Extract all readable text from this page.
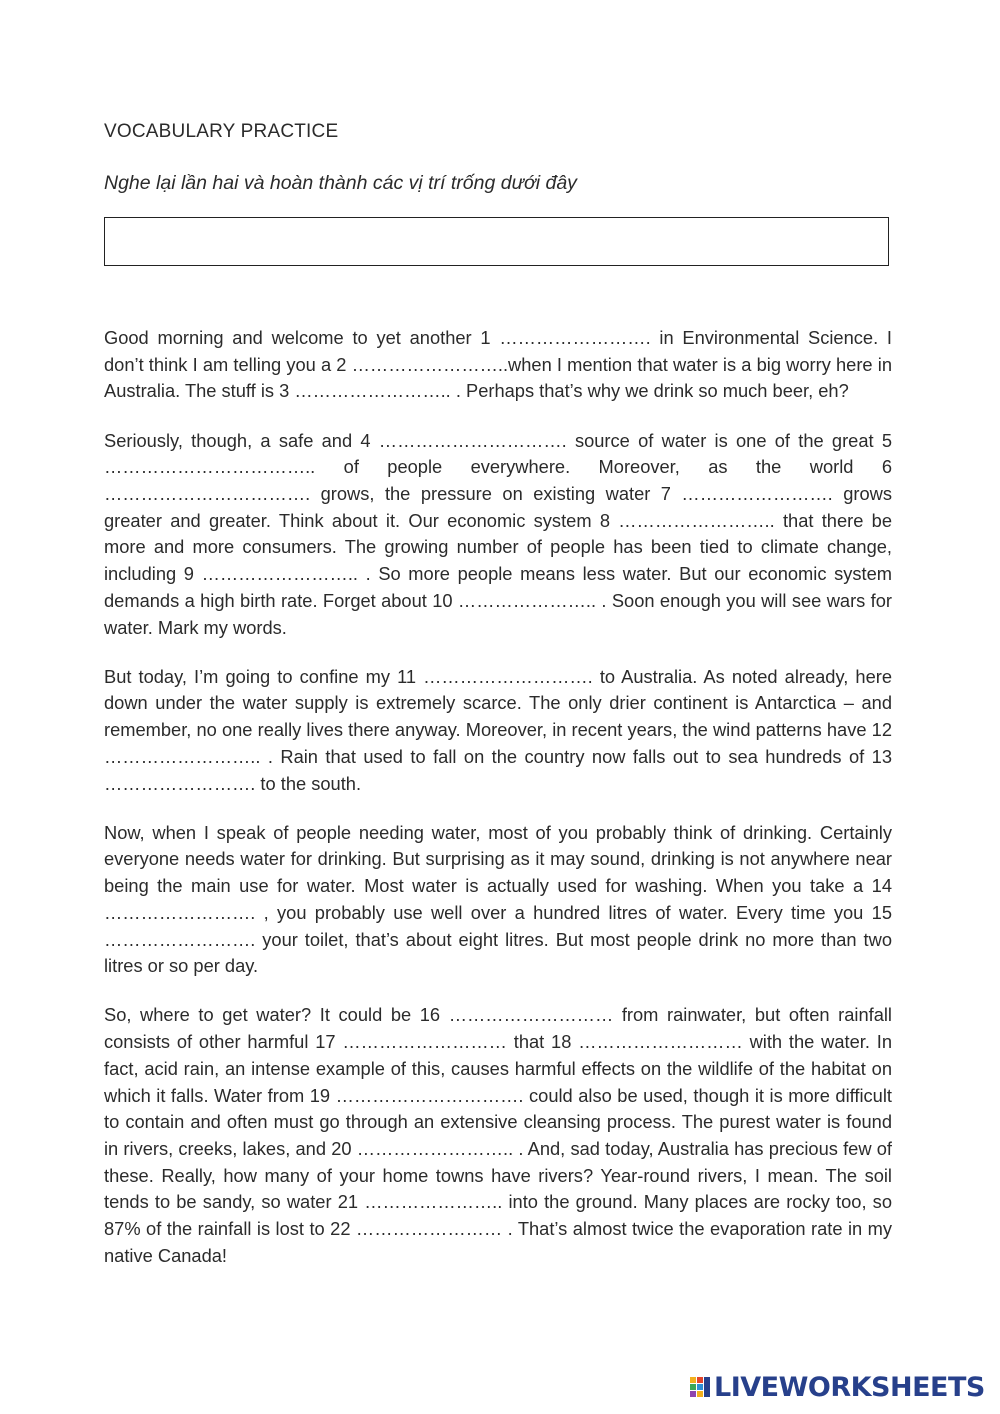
VOCABULARY PRACTICE
Nghe lại lần hai và hoàn thành các vị trí trống dưới đây

Good morning and welcome to yet another 1 ……………………. in Environmental Science. I don’t think I am telling you a 2 ……………………..when I mention that water is a big worry here in Australia. The stuff is 3 …………………….. . Perhaps that’s why we drink so much beer, eh?

Seriously, though, a safe and 4 …………………………. source of water is one of the great 5 …………………………….. of people everywhere. Moreover, as the world 6 ……………………………. grows, the pressure on existing water 7 ……………………. grows greater and greater. Think about it. Our economic system 8 …………………….. that there be more and more consumers. The growing number of people has been tied to climate change, including 9 …………………….. . So more people means less water. But our economic system demands a high birth rate. Forget about 10 ………………….. . Soon enough you will see wars for water. Mark my words.

But today, I’m going to confine my 11 ………………………. to Australia. As noted already, here down under the water supply is extremely scarce. The only drier continent is Antarctica – and remember, no one really lives there anyway. Moreover, in recent years, the wind patterns have 12 …………………….. . Rain that used to fall on the country now falls out to sea hundreds of 13 ……………………. to the south.

Now, when I speak of people needing water, most of you probably think of drinking. Certainly everyone needs water for drinking. But surprising as it may sound, drinking is not anywhere near being the main use for water. Most water is actually used for washing. When you take a 14 ……………………. , you probably use well over a hundred litres of water. Every time you 15 ……………………. your toilet, that’s about eight litres. But most people drink no more than two litres or so per day.

So, where to get water? It could be 16 ……………………… from rainwater, but often rainfall consists of other harmful 17 ……………………… that 18 ……………………… with the water. In fact, acid rain, an intense example of this, causes harmful effects on the wildlife of the habitat on which it falls. Water from 19 …………………………. could also be used, though it is more difficult to contain and often must go through an extensive cleansing process. The purest water is found in rivers, creeks, lakes, and 20 …………………….. . And, sad today, Australia has precious few of these. Really, how many of your home towns have rivers? Year-round rivers, I mean. The soil tends to be sandy, so water 21 ………………….. into the ground. Many places are rocky too, so 87% of the rainfall is lost to 22 …………………… . That’s almost twice the evaporation rate in my native Canada!

LIVEWORKSHEETS
